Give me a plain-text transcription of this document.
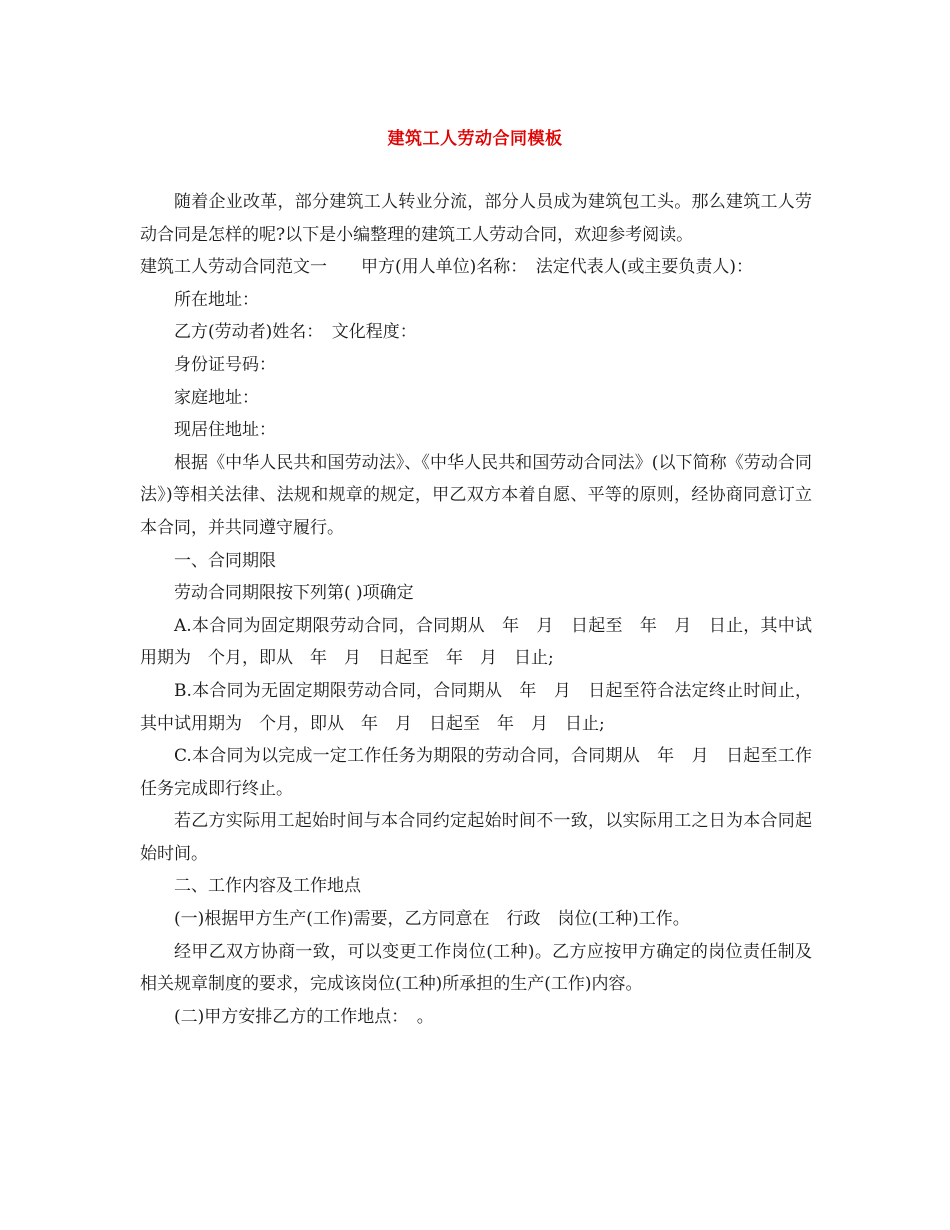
建筑工人劳动合同模板

随着企业改革，部分建筑工人转业分流，部分人员成为建筑包工头。那么建筑工人劳动合同是怎样的呢?以下是小编整理的建筑工人劳动合同，欢迎参考阅读。

建筑工人劳动合同范文一　　甲方(用人单位)名称：　法定代表人(或主要负责人)：

所在地址：

乙方(劳动者)姓名：　文化程度：

身份证号码：

家庭地址：

现居住地址：

根据《中华人民共和国劳动法》、《中华人民共和国劳动合同法》(以下简称《劳动合同法》)等相关法律、法规和规章的规定，甲乙双方本着自愿、平等的原则，经协商同意订立本合同，并共同遵守履行。

一、合同期限

劳动合同期限按下列第( )项确定

A.本合同为固定期限劳动合同，合同期从　年　月　日起至　年　月　日止，其中试用期为　个月，即从　年　月　日起至　年　月　日止;

B.本合同为无固定期限劳动合同，合同期从　年　月　日起至符合法定终止时间止，其中试用期为　个月，即从　年　月　日起至　年　月　日止;

C.本合同为以完成一定工作任务为期限的劳动合同，合同期从　年　月　日起至工作任务完成即行终止。

若乙方实际用工起始时间与本合同约定起始时间不一致，以实际用工之日为本合同起始时间。

二、工作内容及工作地点

(一)根据甲方生产(工作)需要，乙方同意在　行政　岗位(工种)工作。

经甲乙双方协商一致，可以变更工作岗位(工种)。乙方应按甲方确定的岗位责任制及相关规章制度的要求，完成该岗位(工种)所承担的生产(工作)内容。

(二)甲方安排乙方的工作地点：　。
